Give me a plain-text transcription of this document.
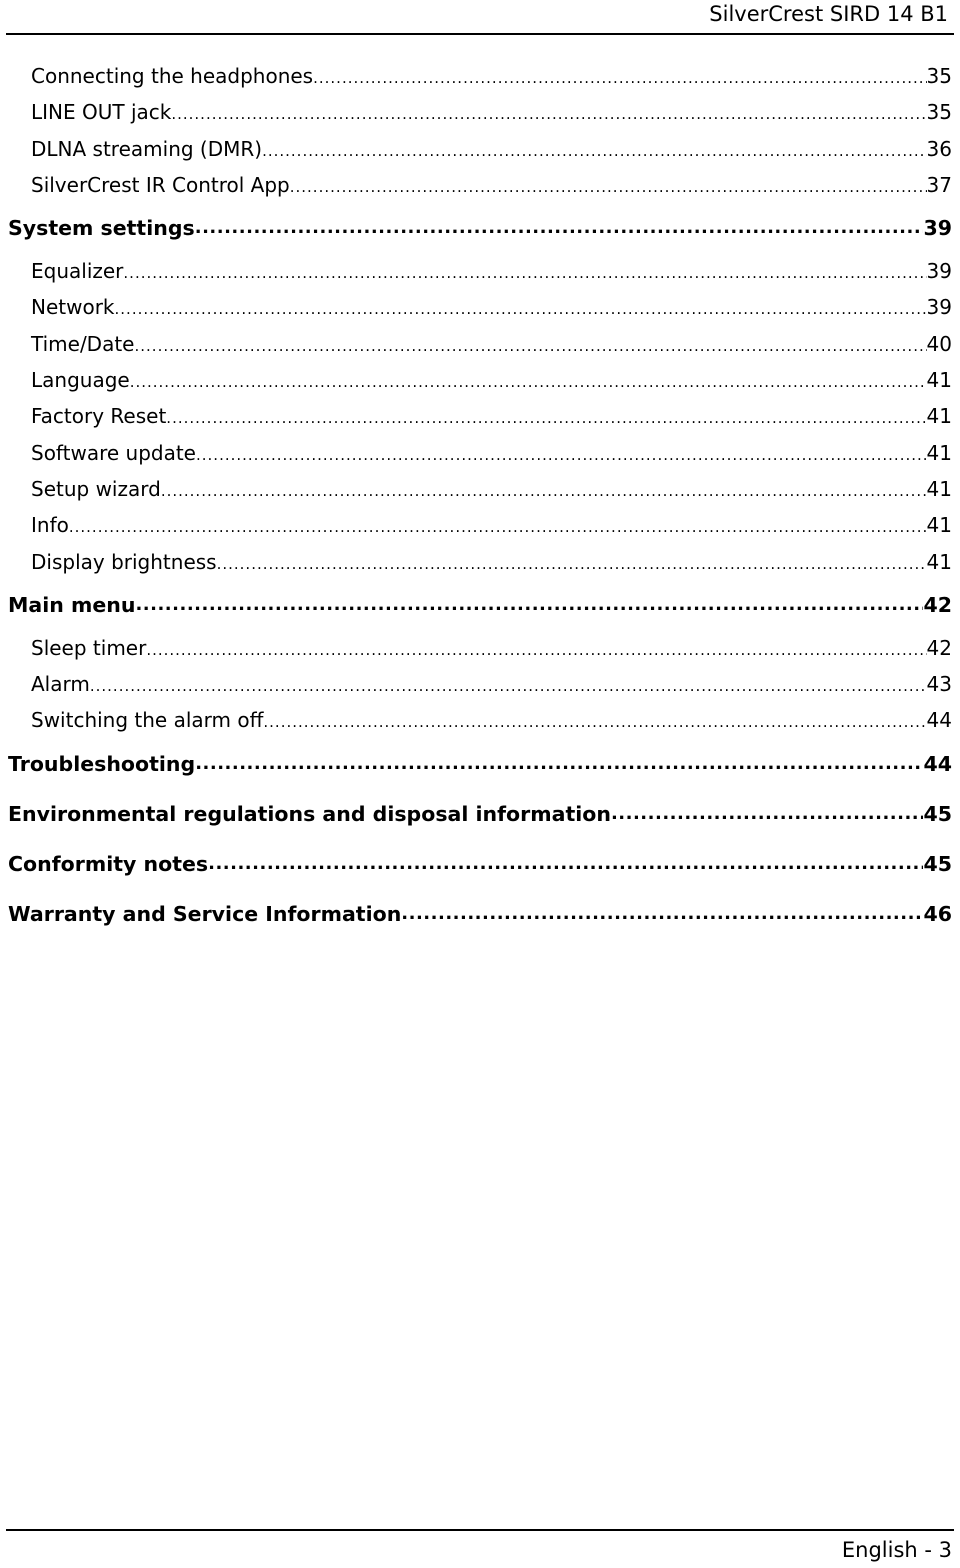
SilverCrest SIRD 14 B1
Connecting the headphones .....	35
LINE OUT jack .....	35
DLNA streaming (DMR) .....	36
SilverCrest IR Control App .....	37
System settings .....	39
Equalizer .....	39
Network .....	39
Time/Date .....	40
Language .....	41
Factory Reset .....	41
Software update .....	41
Setup wizard .....	41
Info .....	41
Display brightness .....	41
Main menu .....	42
Sleep timer .....	42
Alarm .....	43
Switching the alarm off .....	44
Troubleshooting .....	44
Environmental regulations and disposal information .....	45
Conformity notes .....	45
Warranty and Service Information .....	46
English - 3
